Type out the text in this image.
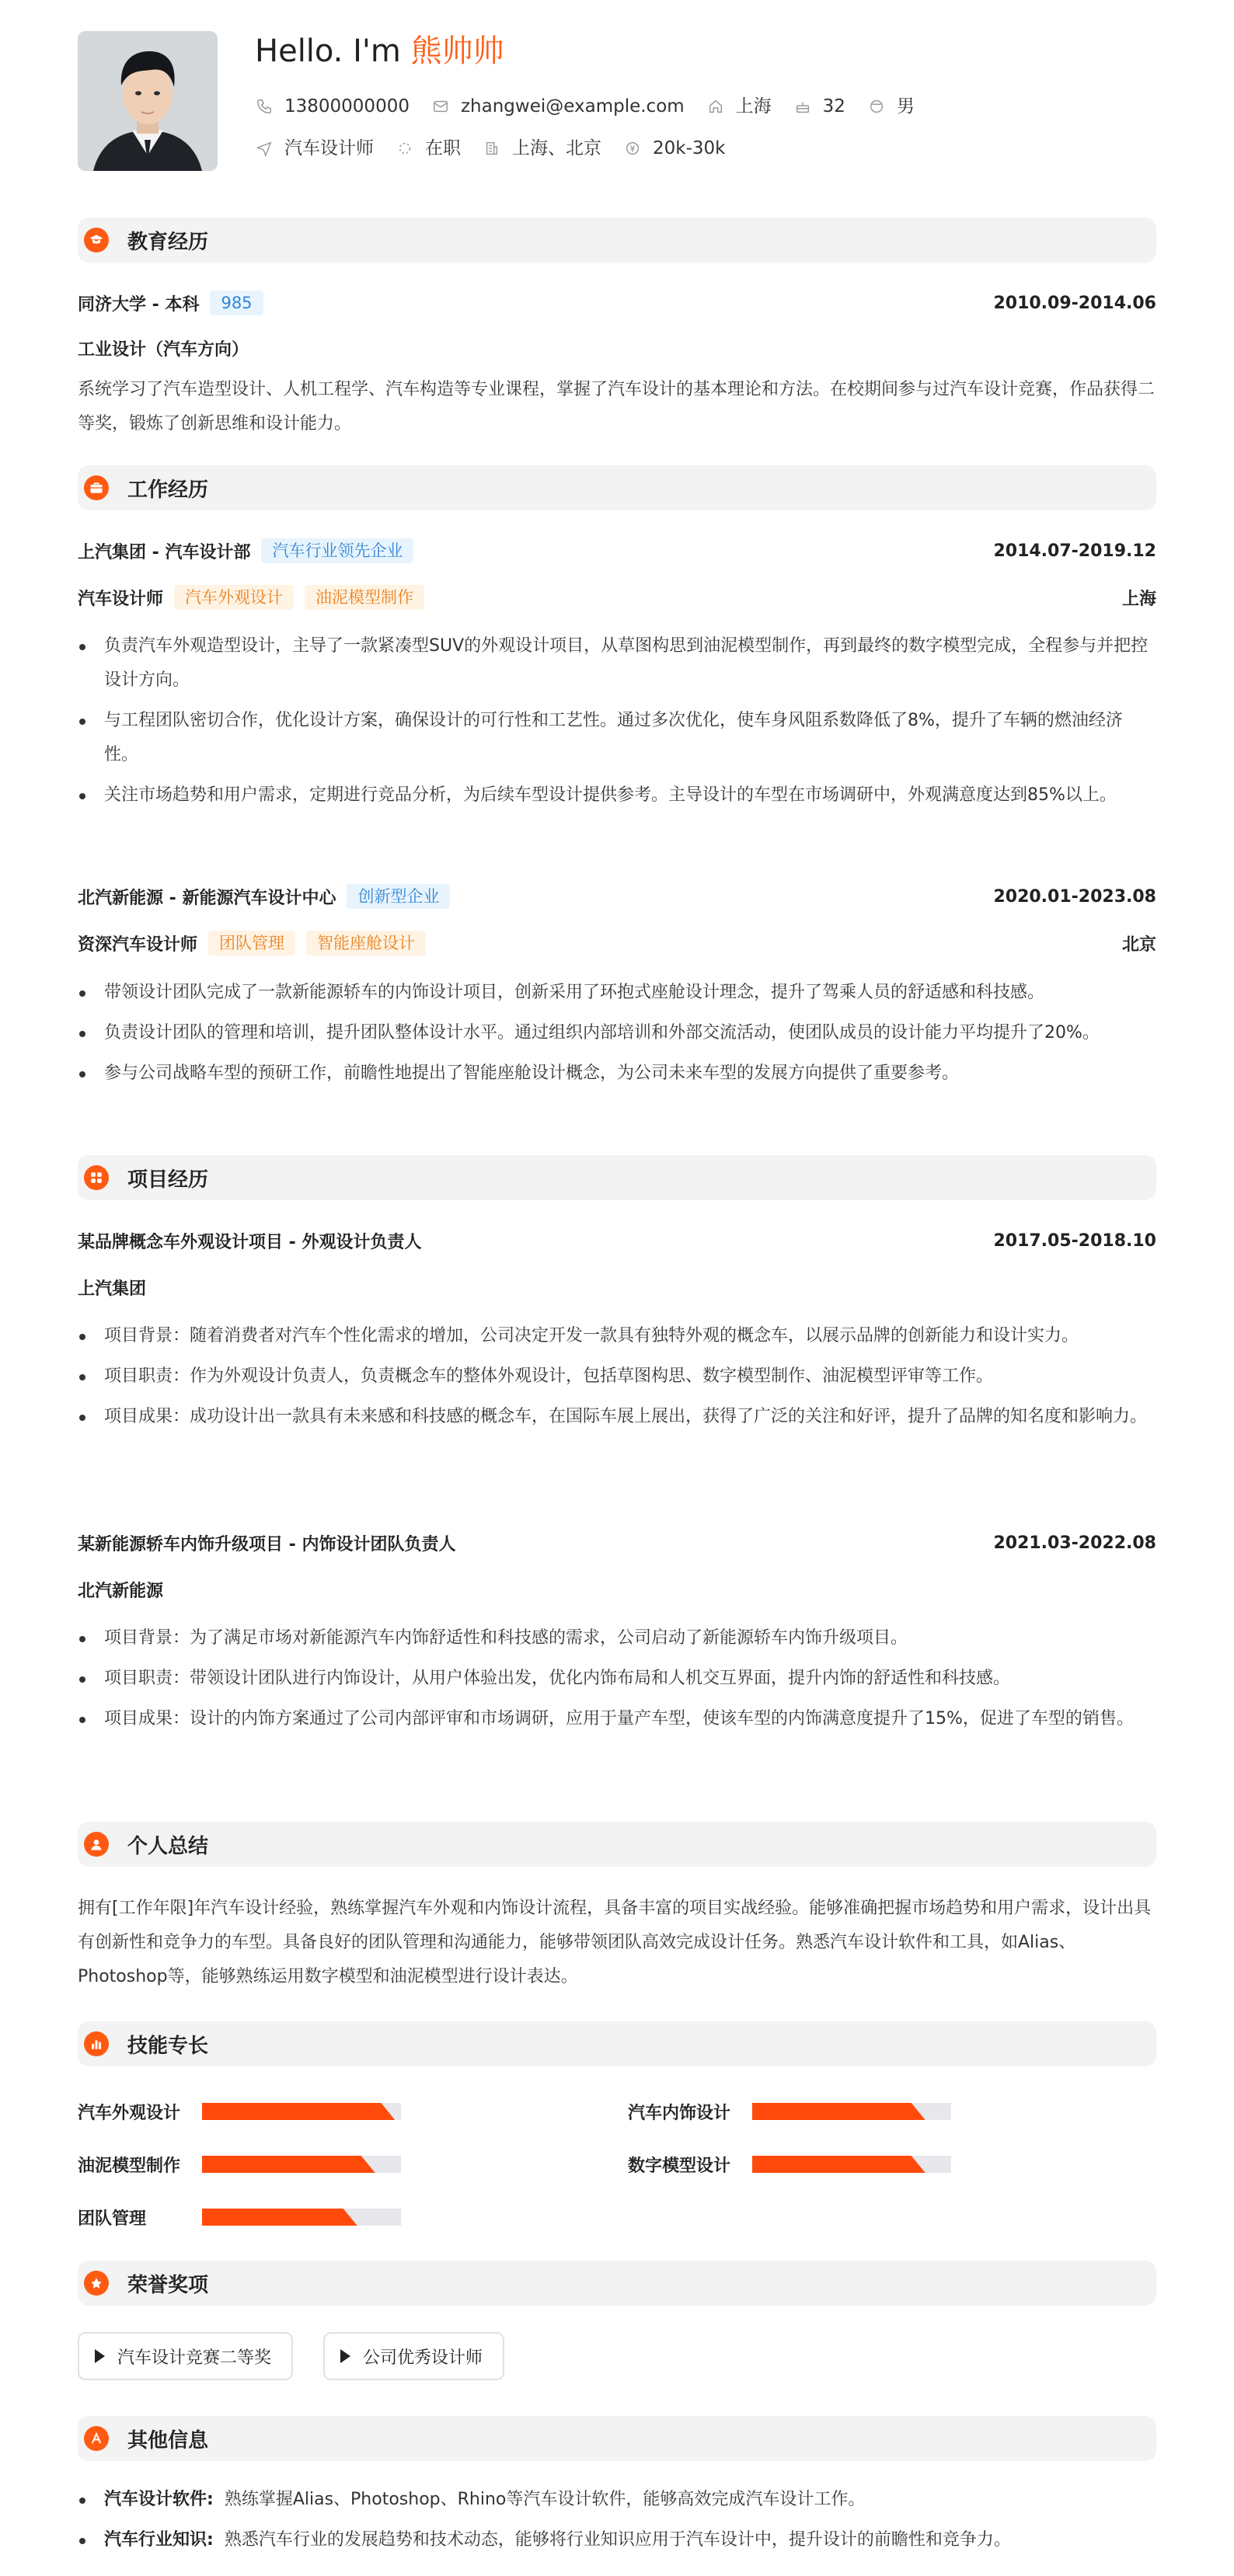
Hello. I'm 熊帅帅
13800000000	zhangwei@example.com	上海	32	男
汽车设计师	在职	上海、北京	20k-30k
教育经历
同济大学 - 本科	985	2010.09-2014.06
工业设计（汽车方向）
系统学习了汽车造型设计、人机工程学、汽车构造等专业课程，掌握了汽车设计的基本理论和方法。在校期间参与过汽车设计竞赛，作品获得二等奖，锻炼了创新思维和设计能力。
工作经历
上汽集团 - 汽车设计部	汽车行业领先企业	2014.07-2019.12
汽车设计师	汽车外观设计	油泥模型制作	上海
负责汽车外观造型设计，主导了一款紧凑型SUV的外观设计项目，从草图构思到油泥模型制作，再到最终的数字模型完成，全程参与并把控设计方向。
与工程团队密切合作，优化设计方案，确保设计的可行性和工艺性。通过多次优化，使车身风阻系数降低了8%，提升了车辆的燃油经济性。
关注市场趋势和用户需求，定期进行竞品分析，为后续车型设计提供参考。主导设计的车型在市场调研中，外观满意度达到85%以上。
北汽新能源 - 新能源汽车设计中心	创新型企业	2020.01-2023.08
资深汽车设计师	团队管理	智能座舱设计	北京
带领设计团队完成了一款新能源轿车的内饰设计项目，创新采用了环抱式座舱设计理念，提升了驾乘人员的舒适感和科技感。
负责设计团队的管理和培训，提升团队整体设计水平。通过组织内部培训和外部交流活动，使团队成员的设计能力平均提升了20%。
参与公司战略车型的预研工作，前瞻性地提出了智能座舱设计概念，为公司未来车型的发展方向提供了重要参考。
项目经历
某品牌概念车外观设计项目 - 外观设计负责人	2017.05-2018.10
上汽集团
项目背景：随着消费者对汽车个性化需求的增加，公司决定开发一款具有独特外观的概念车，以展示品牌的创新能力和设计实力。
项目职责：作为外观设计负责人，负责概念车的整体外观设计，包括草图构思、数字模型制作、油泥模型评审等工作。
项目成果：成功设计出一款具有未来感和科技感的概念车，在国际车展上展出，获得了广泛的关注和好评，提升了品牌的知名度和影响力。
某新能源轿车内饰升级项目 - 内饰设计团队负责人	2021.03-2022.08
北汽新能源
项目背景：为了满足市场对新能源汽车内饰舒适性和科技感的需求，公司启动了新能源轿车内饰升级项目。
项目职责：带领设计团队进行内饰设计，从用户体验出发，优化内饰布局和人机交互界面，提升内饰的舒适性和科技感。
项目成果：设计的内饰方案通过了公司内部评审和市场调研，应用于量产车型，使该车型的内饰满意度提升了15%，促进了车型的销售。
个人总结
拥有[工作年限]年汽车设计经验，熟练掌握汽车外观和内饰设计流程，具备丰富的项目实战经验。能够准确把握市场趋势和用户需求，设计出具有创新性和竞争力的车型。具备良好的团队管理和沟通能力，能够带领团队高效完成设计任务。熟悉汽车设计软件和工具，如Alias、Photoshop等，能够熟练运用数字模型和油泥模型进行设计表达。
技能专长
汽车外观设计	汽车内饰设计
油泥模型制作	数字模型设计
团队管理
荣誉奖项
汽车设计竞赛二等奖	公司优秀设计师
其他信息
汽车设计软件: 熟练掌握Alias、Photoshop、Rhino等汽车设计软件，能够高效完成汽车设计工作。
汽车行业知识: 熟悉汽车行业的发展趋势和技术动态，能够将行业知识应用于汽车设计中，提升设计的前瞻性和竞争力。
